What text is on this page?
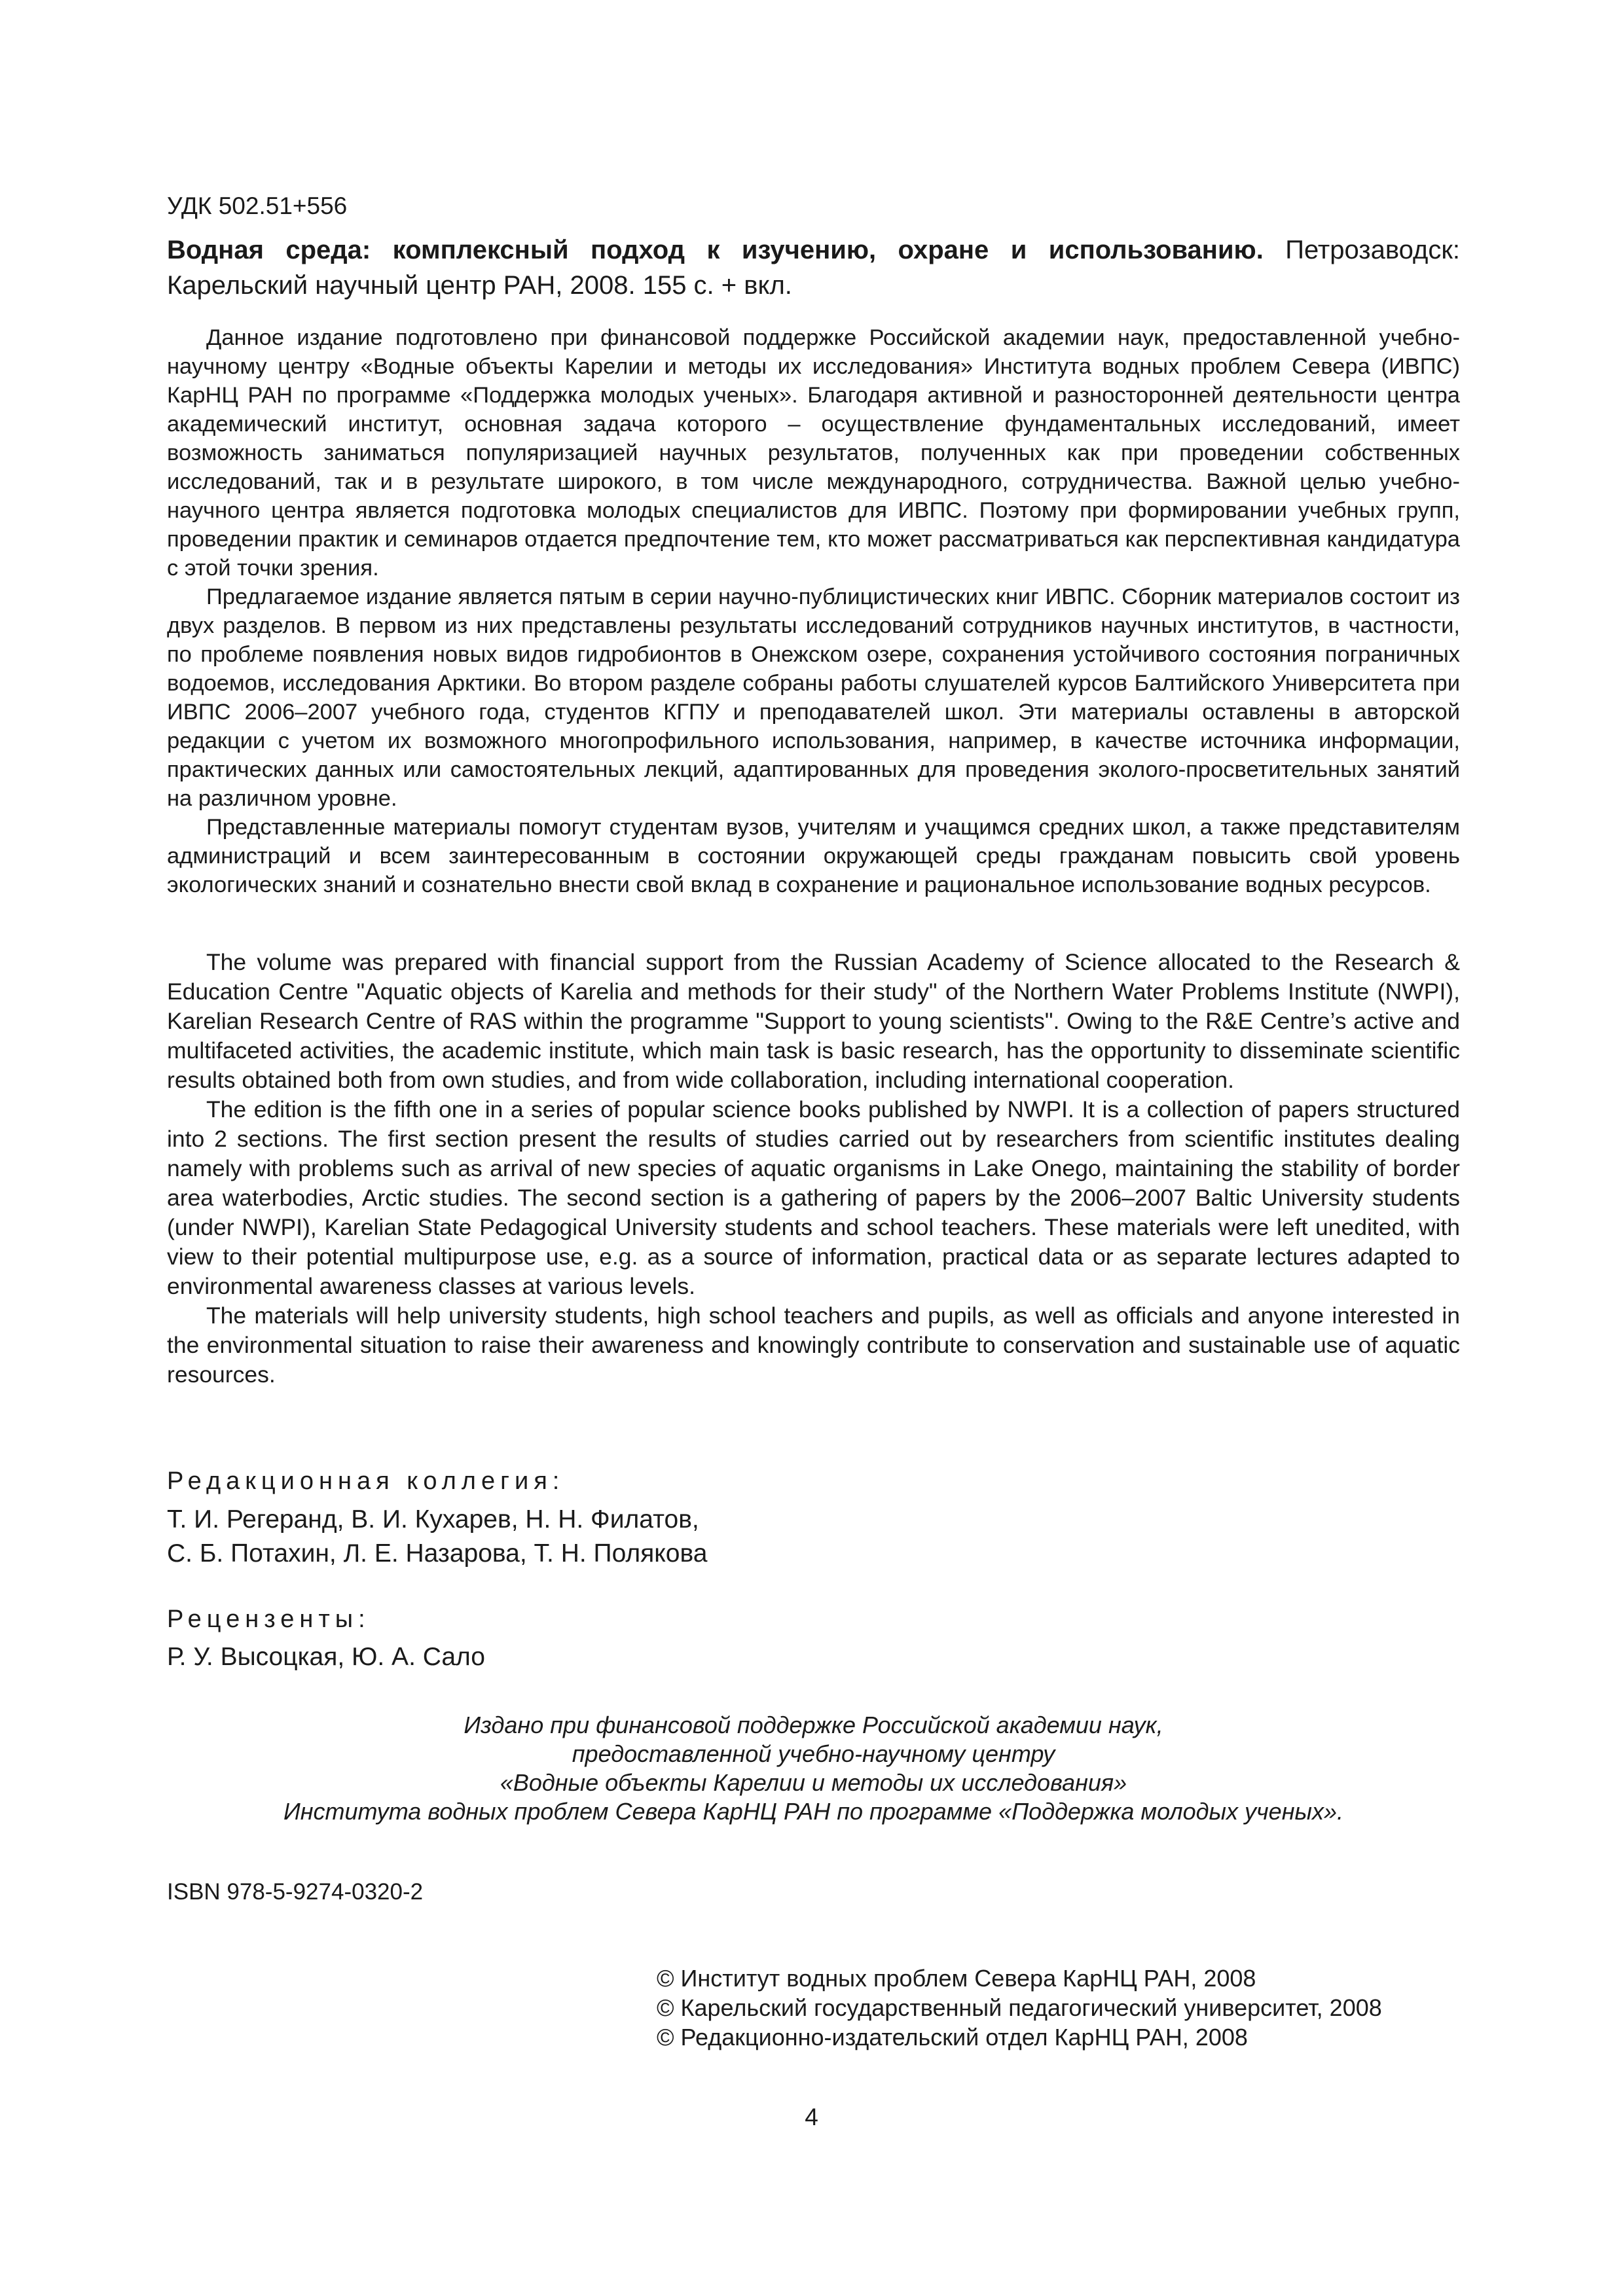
УДК 502.51+556
Водная среда: комплексный подход к изучению, охране и использованию. Петрозаводск: Карельский научный центр РАН, 2008. 155 с. + вкл.

Данное издание подготовлено при финансовой поддержке Российской академии наук, предоставленной учебно-научному центру «Водные объекты Карелии и методы их исследования» Института водных проблем Севера (ИВПС) КарНЦ РАН по программе «Поддержка молодых ученых». Благодаря активной и разносторонней деятельности центра академический институт, основная задача которого – осуществление фундаментальных исследований, имеет возможность заниматься популяризацией научных результатов, полученных как при проведении собственных исследований, так и в результате широкого, в том числе международного, сотрудничества. Важной целью учебно-научного центра является подготовка молодых специалистов для ИВПС. Поэтому при формировании учебных групп, проведении практик и семинаров отдается предпочтение тем, кто может рассматриваться как перспективная кандидатура с этой точки зрения.

Предлагаемое издание является пятым в серии научно-публицистических книг ИВПС. Сборник материалов состоит из двух разделов. В первом из них представлены результаты исследований сотрудников научных институтов, в частности, по проблеме появления новых видов гидробионтов в Онежском озере, сохранения устойчивого состояния пограничных водоемов, исследования Арктики. Во втором разделе собраны работы слушателей курсов Балтийского Университета при ИВПС 2006–2007 учебного года, студентов КГПУ и преподавателей школ. Эти материалы оставлены в авторской редакции с учетом их возможного многопрофильного использования, например, в качестве источника информации, практических данных или самостоятельных лекций, адаптированных для проведения эколого-просветительных занятий на различном уровне.

Представленные материалы помогут студентам вузов, учителям и учащимся средних школ, а также представителям администраций и всем заинтересованным в состоянии окружающей среды гражданам повысить свой уровень экологических знаний и сознательно внести свой вклад в сохранение и рациональное использование водных ресурсов.

The volume was prepared with financial support from the Russian Academy of Science allocated to the Research & Education Centre "Aquatic objects of Karelia and methods for their study" of the Northern Water Problems Institute (NWPI), Karelian Research Centre of RAS within the programme "Support to young scientists". Owing to the R&E Centre’s active and multifaceted activities, the academic institute, which main task is basic research, has the opportunity to disseminate scientific results obtained both from own studies, and from wide collaboration, including international cooperation.

The edition is the fifth one in a series of popular science books published by NWPI. It is a collection of papers structured into 2 sections. The first section present the results of studies carried out by researchers from scientific institutes dealing namely with problems such as arrival of new species of aquatic organisms in Lake Onego, maintaining the stability of border area waterbodies, Arctic studies. The second section is a gathering of papers by the 2006–2007 Baltic University students (under NWPI), Karelian State Pedagogical University students and school teachers. These materials were left unedited, with view to their potential multipurpose use, e.g. as a source of information, practical data or as separate lectures adapted to environmental awareness classes at various levels.

The materials will help university students, high school teachers and pupils, as well as officials and anyone interested in the environmental situation to raise their awareness and knowingly contribute to conservation and sustainable use of aquatic resources.

Редакционная коллегия:
Т. И. Регеранд, В. И. Кухарев, Н. Н. Филатов,
С. Б. Потахин, Л. Е. Назарова, Т. Н. Полякова
Рецензенты:
Р. У. Высоцкая, Ю. А. Сало
Издано при финансовой поддержке Российской академии наук,
предоставленной учебно-научному центру
«Водные объекты Карелии и методы их исследования»
Института водных проблем Севера КарНЦ РАН по программе «Поддержка молодых ученых».
ISBN 978-5-9274-0320-2
© Институт водных проблем Севера КарНЦ РАН, 2008
© Карельский государственный педагогический университет, 2008
© Редакционно-издательский отдел КарНЦ РАН, 2008
4
